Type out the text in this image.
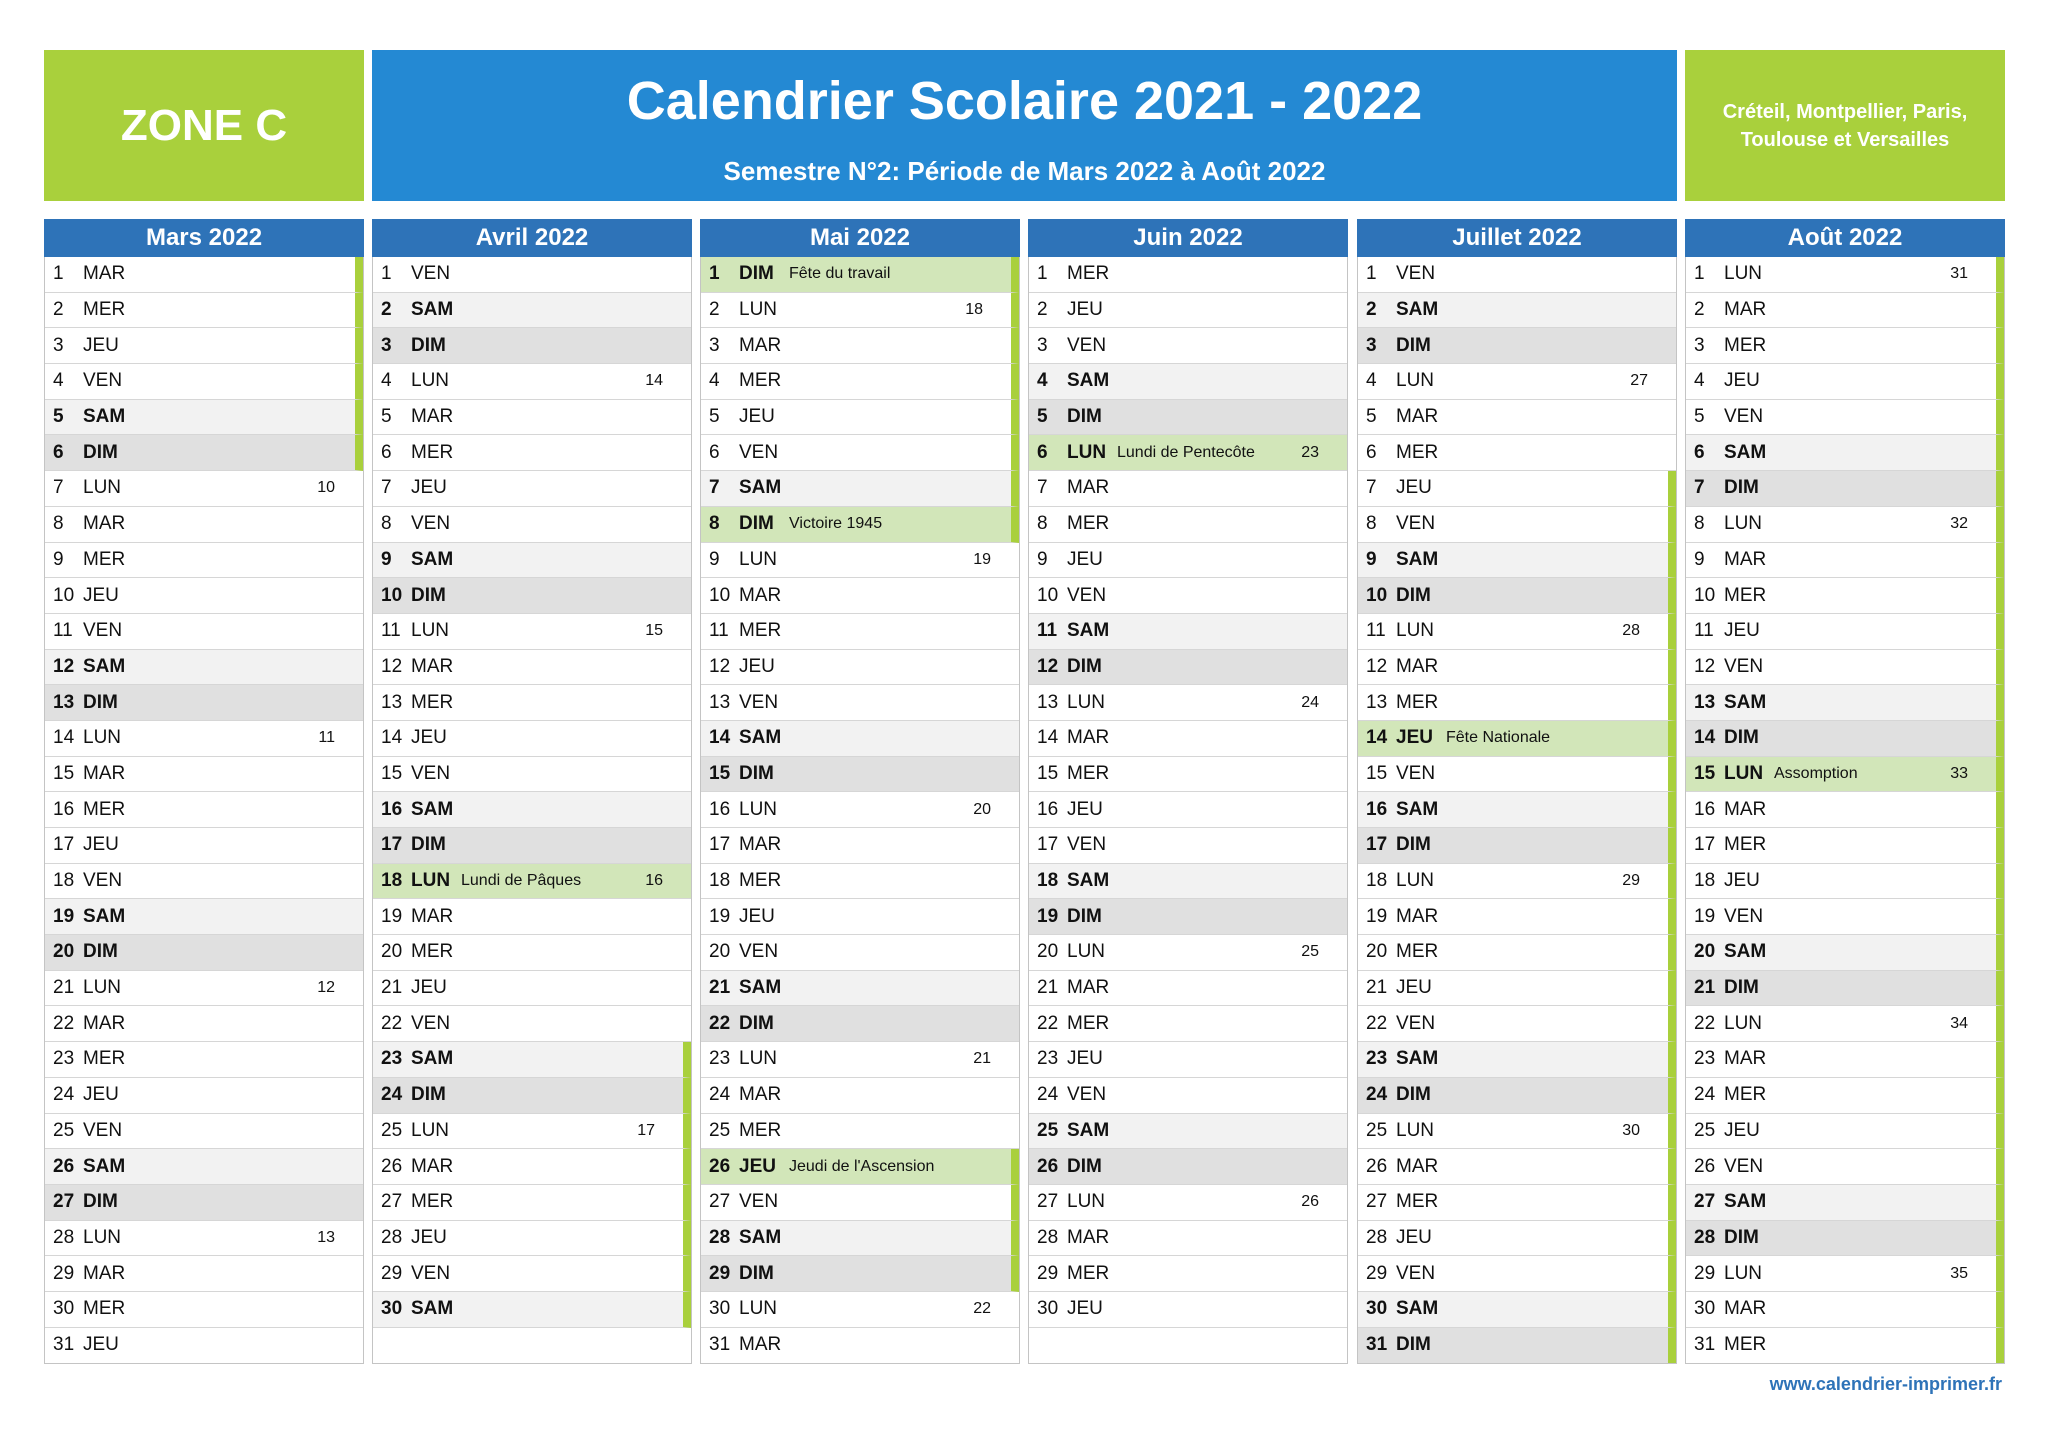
ZONE C	Calendrier Scolaire 2021 - 2022
Semestre N°2: Période de Mars 2022 à Août 2022
Créteil, Montpellier, Paris, Toulouse et Versailles
Mars 2022
1 MAR
2 MER
3 JEU
4 VEN
5 SAM
6 DIM
7 LUN	10
8 MAR
9 MER
10 JEU
11 VEN
12 SAM
13 DIM
14 LUN	11
15 MAR
16 MER
17 JEU
18 VEN
19 SAM
20 DIM
21 LUN	12
22 MAR
23 MER
24 JEU
25 VEN
26 SAM
27 DIM
28 LUN	13
29 MAR
30 MER
31 JEU
Avril 2022
1 VEN
2 SAM
3 DIM
4 LUN	14
5 MAR
6 MER
7 JEU
8 VEN
9 SAM
10 DIM
11 LUN	15
12 MAR
13 MER
14 JEU
15 VEN
16 SAM
17 DIM
18 LUN Lundi de Pâques	16
19 MAR
20 MER
21 JEU
22 VEN
23 SAM
24 DIM
25 LUN	17
26 MAR
27 MER
28 JEU
29 VEN
30 SAM
Mai 2022
1 DIM Fête du travail
2 LUN	18
3 MAR
4 MER
5 JEU
6 VEN
7 SAM
8 DIM Victoire 1945
9 LUN	19
10 MAR
11 MER
12 JEU
13 VEN
14 SAM
15 DIM
16 LUN	20
17 MAR
18 MER
19 JEU
20 VEN
21 SAM
22 DIM
23 LUN	21
24 MAR
25 MER
26 JEU Jeudi de l'Ascension
27 VEN
28 SAM
29 DIM
30 LUN	22
31 MAR
Juin 2022
1 MER
2 JEU
3 VEN
4 SAM
5 DIM
6 LUN Lundi de Pentecôte	23
7 MAR
8 MER
9 JEU
10 VEN
11 SAM
12 DIM
13 LUN	24
14 MAR
15 MER
16 JEU
17 VEN
18 SAM
19 DIM
20 LUN	25
21 MAR
22 MER
23 JEU
24 VEN
25 SAM
26 DIM
27 LUN	26
28 MAR
29 MER
30 JEU
Juillet 2022
1 VEN
2 SAM
3 DIM
4 LUN	27
5 MAR
6 MER
7 JEU
8 VEN
9 SAM
10 DIM
11 LUN	28
12 MAR
13 MER
14 JEU Fête Nationale
15 VEN
16 SAM
17 DIM
18 LUN	29
19 MAR
20 MER
21 JEU
22 VEN
23 SAM
24 DIM
25 LUN	30
26 MAR
27 MER
28 JEU
29 VEN
30 SAM
31 DIM
Août 2022
1 LUN	31
2 MAR
3 MER
4 JEU
5 VEN
6 SAM
7 DIM
8 LUN	32
9 MAR
10 MER
11 JEU
12 VEN
13 SAM
14 DIM
15 LUN Assomption	33
16 MAR
17 MER
18 JEU
19 VEN
20 SAM
21 DIM
22 LUN	34
23 MAR
24 MER
25 JEU
26 VEN
27 SAM
28 DIM
29 LUN	35
30 MAR
31 MER
www.calendrier-imprimer.fr
